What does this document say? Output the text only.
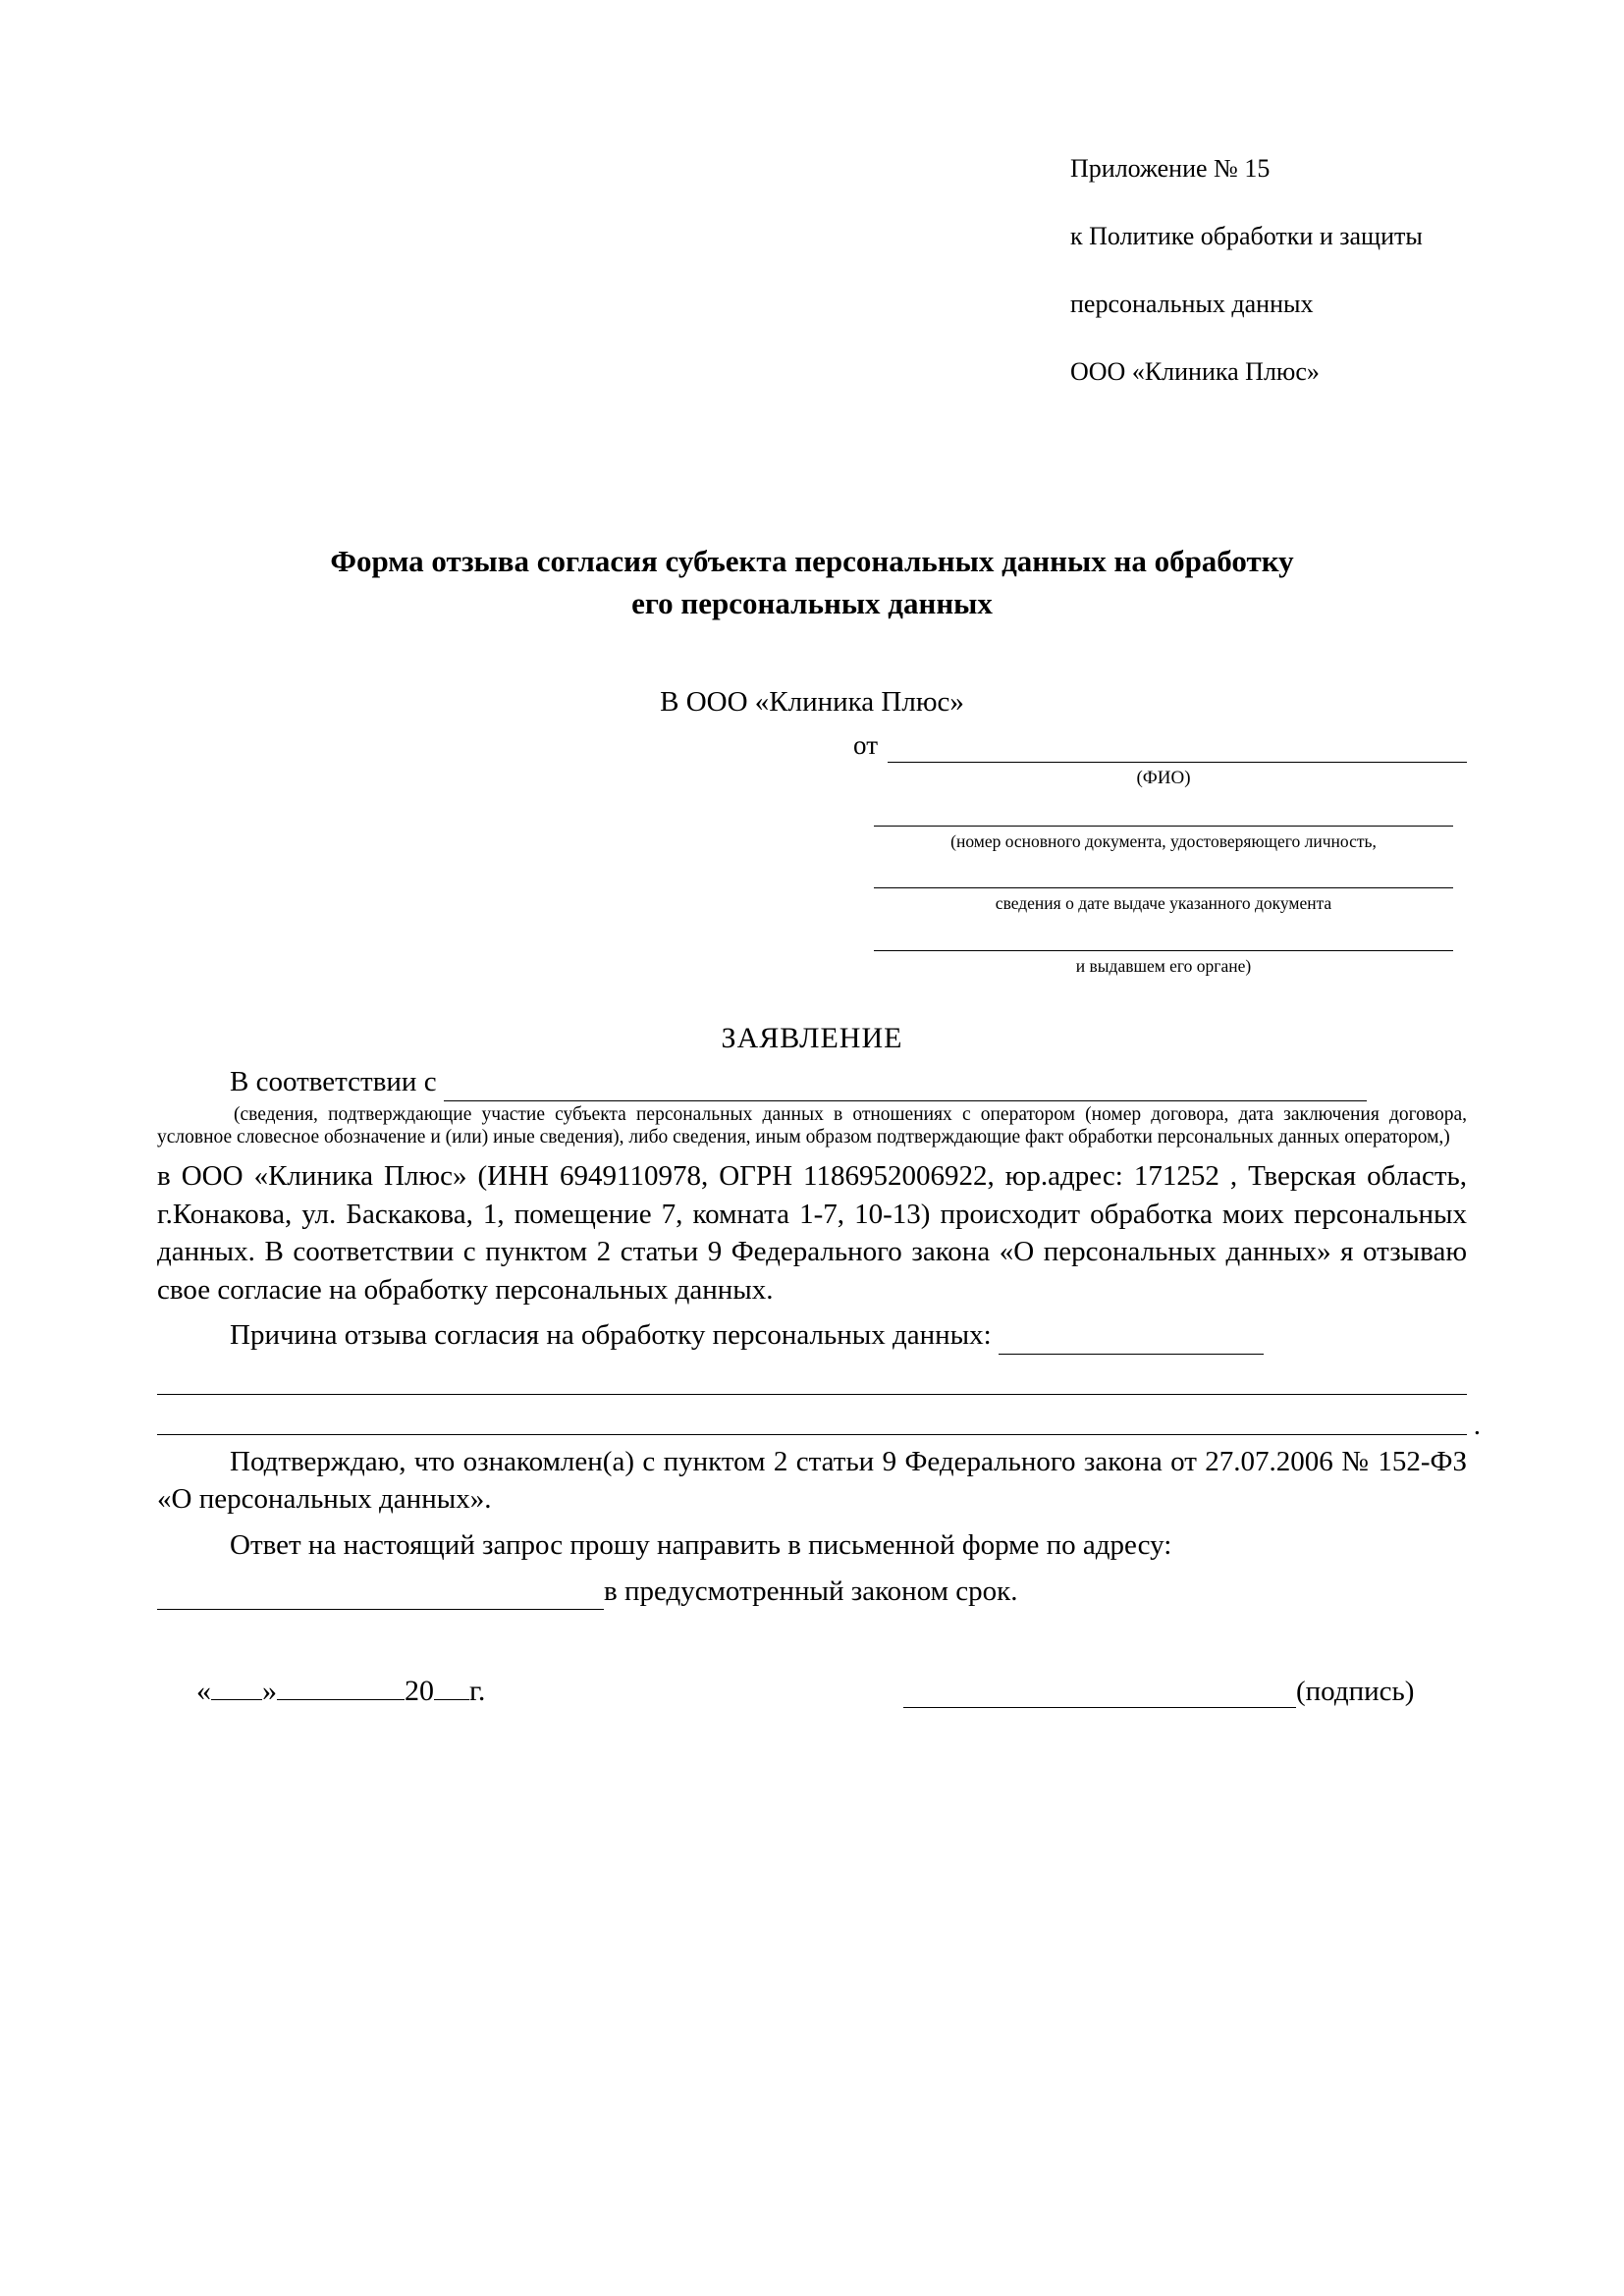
Приложение № 15

к Политике обработки и защиты

персональных данных

ООО «Клиника Плюс»

Форма отзыва согласия субъекта персональных данных на обработку
его персональных данных
В ООО «Клиника Плюс»
от
(ФИО)
(номер основного документа, удостоверяющего личность,
сведения о дате выдаче указанного документа
и выдавшем его органе)
ЗАЯВЛЕНИЕ
В соответствии с
(сведения, подтверждающие участие субъекта персональных данных в отношениях с оператором (номер договора, дата заключения договора, условное словесное обозначение и (или) иные сведения), либо сведения, иным образом подтверждающие факт обработки персональных данных оператором,)
в ООО «Клиника Плюс» (ИНН 6949110978, ОГРН 1186952006922, юр.адрес: 171252 , Тверская область, г.Конакова, ул. Баскакова, 1, помещение 7, комната 1-7, 10-13) происходит обработка моих персональных данных. В соответствии с пунктом 2 статьи 9 Федерального закона «О персональных данных» я отзываю свое согласие на обработку персональных данных.
Причина отзыва согласия на обработку персональных данных:
.
Подтверждаю, что ознакомлен(а) с пунктом 2 статьи 9 Федерального закона от 27.07.2006 № 152-ФЗ «О персональных данных».
Ответ на настоящий запрос прошу направить в письменной форме по адресу:
в предусмотренный законом срок.
« »	20 г.	(подпись)
